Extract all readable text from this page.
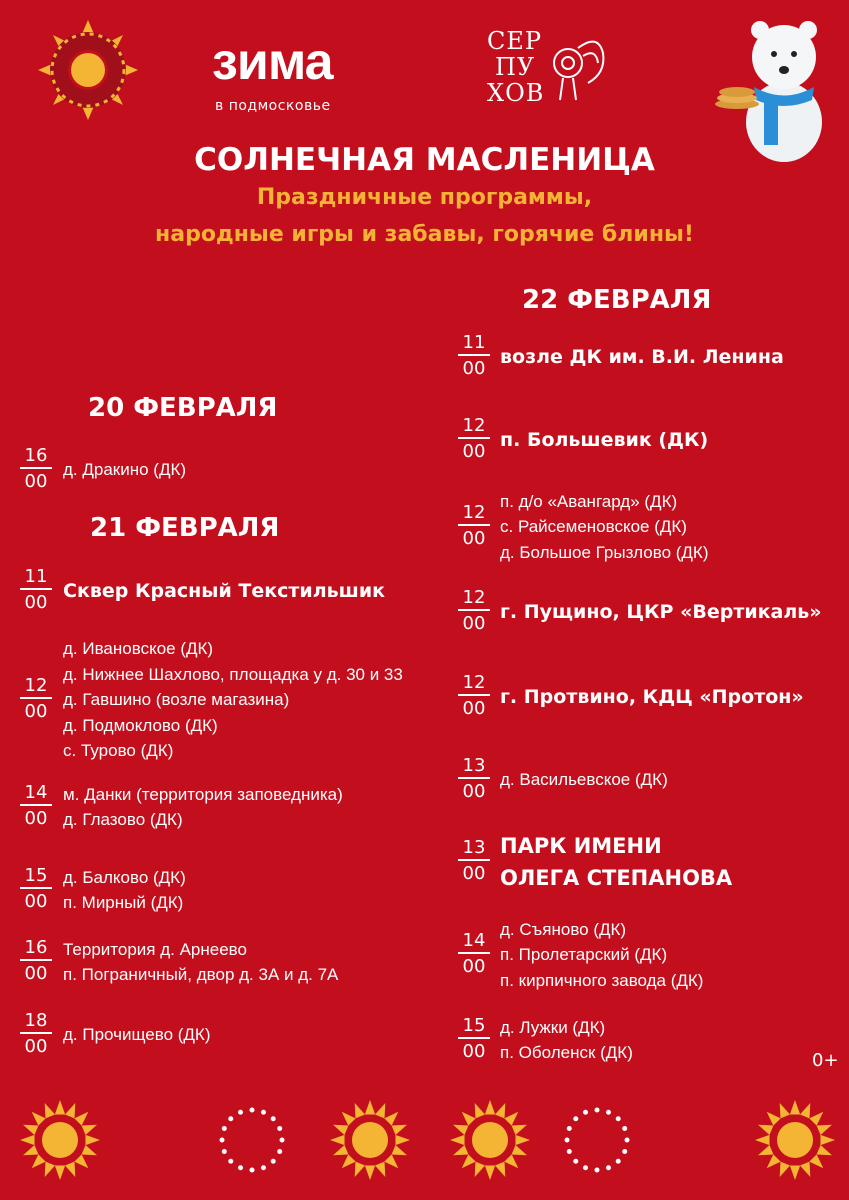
зима
в подмосковье
СЕР
ПУ
ХОВ
СОЛНЕЧНАЯ МАСЛЕНИЦА
Праздничные программы,
народные игры и забавы, горячие блины!
20 ФЕВРАЛЯ
21 ФЕВРАЛЯ
22 ФЕВРАЛЯ
16
00
д. Дракино (ДК)
11
00
Сквер Красный Текстильшик
12
00
д. Ивановское (ДК)
д. Нижнее Шахлово, площадка у д. 30 и 33
д. Гавшино (возле магазина)
д. Подмоклово (ДК)
с. Турово (ДК)
14
00
м. Данки (территория заповедника)
д. Глазово (ДК)
15
00
д. Балково (ДК)
п. Мирный (ДК)
16
00
Территория д. Арнеево
п. Пограничный, двор д. 3А и д. 7А
18
00
д. Прочищево (ДК)
11
00
возле ДК им. В.И. Ленина
12
00
п. Большевик (ДК)
12
00
п. д/о «Авангард» (ДК)
с. Райсеменовское (ДК)
д. Большое Грызлово (ДК)
12
00
г. Пущино, ЦКР «Вертикаль»
12
00
г. Протвино, КДЦ «Протон»
13
00
д. Васильевское (ДК)
13
00
ПАРК ИМЕНИ
ОЛЕГА СТЕПАНОВА
14
00
д. Съяново (ДК)
п. Пролетарский (ДК)
п. кирпичного завода (ДК)
15
00
д. Лужки (ДК)
п. Оболенск (ДК)	0+
